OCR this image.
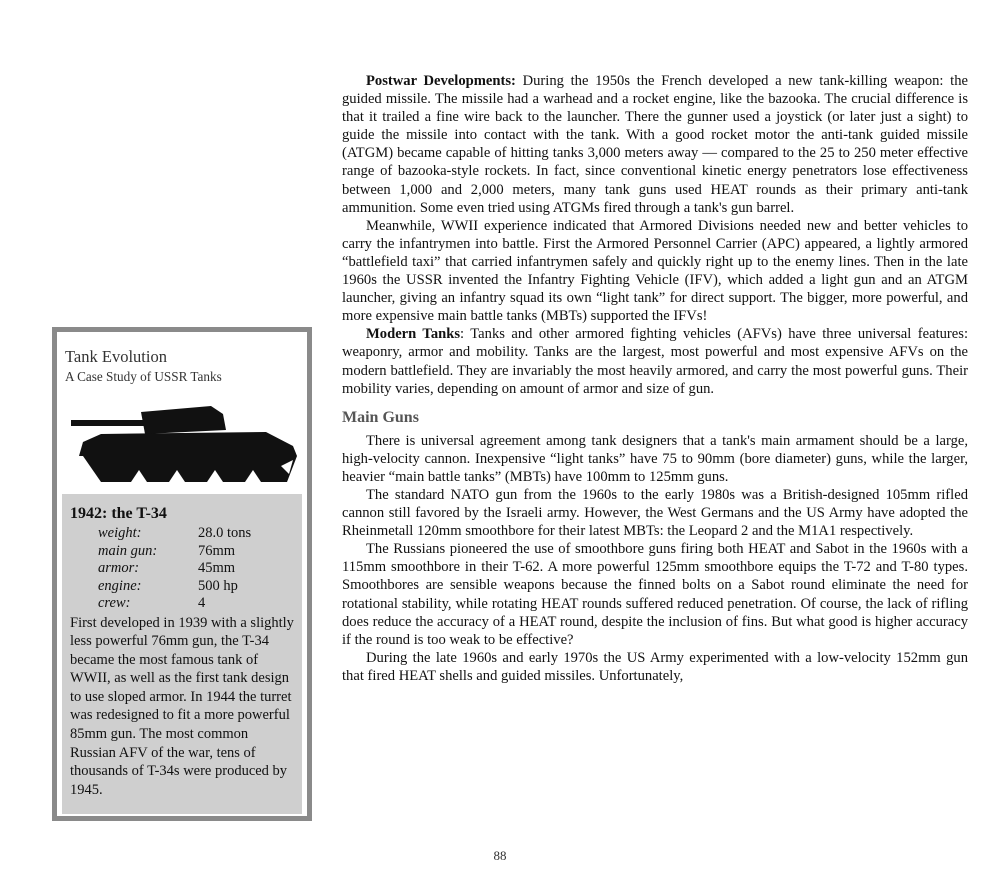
Tank Evolution
A Case Study of USSR Tanks
1942: the T-34
weight:	28.0 tons
main gun:	76mm
armor:	45mm
engine:	500 hp
crew:	4
First developed in 1939 with a slightly less powerful 76mm gun, the T-34 became the most famous tank of WWII, as well as the first tank design to use sloped armor. In 1944 the turret was redesigned to fit a more powerful 85mm gun. The most common Russian AFV of the war, tens of thousands of T-34s were produced by 1945.

Postwar Developments: During the 1950s the French developed a new tank-killing weapon: the guided missile. The missile had a warhead and a rocket engine, like the bazooka. The crucial difference is that it trailed a fine wire back to the launcher. There the gunner used a joystick (or later just a sight) to guide the missile into contact with the tank. With a good rocket motor the anti-tank guided missile (ATGM) became capable of hitting tanks 3,000 meters away — compared to the 25 to 250 meter effective range of bazooka-style rockets. In fact, since conventional kinetic energy penetrators lose effectiveness between 1,000 and 2,000 meters, many tank guns used HEAT rounds as their primary anti-tank ammunition. Some even tried using ATGMs fired through a tank's gun barrel.

Meanwhile, WWII experience indicated that Armored Divisions needed new and better vehicles to carry the infantrymen into battle. First the Armored Personnel Carrier (APC) appeared, a lightly armored “battlefield taxi” that carried infantrymen safely and quickly right up to the enemy lines. Then in the late 1960s the USSR invented the Infantry Fighting Vehicle (IFV), which added a light gun and an ATGM launcher, giving an infantry squad its own “light tank” for direct support. The bigger, more powerful, and more expensive main battle tanks (MBTs) supported the IFVs!

Modern Tanks: Tanks and other armored fighting vehicles (AFVs) have three universal features: weaponry, armor and mobility. Tanks are the largest, most powerful and most expensive AFVs on the modern battlefield. They are invariably the most heavily armored, and carry the most powerful guns. Their mobility varies, depending on amount of armor and size of gun.

Main Guns

There is universal agreement among tank designers that a tank's main armament should be a large, high-velocity cannon. Inexpensive “light tanks” have 75 to 90mm (bore diameter) guns, while the larger, heavier “main battle tanks” (MBTs) have 100mm to 125mm guns.

The standard NATO gun from the 1960s to the early 1980s was a British-designed 105mm rifled cannon still favored by the Israeli army. However, the West Germans and the US Army have adopted the Rheinmetall 120mm smoothbore for their latest MBTs: the Leopard 2 and the M1A1 respectively.

The Russians pioneered the use of smoothbore guns firing both HEAT and Sabot in the 1960s with a 115mm smoothbore in their T-62. A more powerful 125mm smoothbore equips the T-72 and T-80 types. Smoothbores are sensible weapons because the finned bolts on a Sabot round eliminate the need for rotational stability, while rotating HEAT rounds suffered reduced penetration. Of course, the lack of rifling does reduce the accuracy of a HEAT round, despite the inclusion of fins. But what good is higher accuracy if the round is too weak to be effective?

During the late 1960s and early 1970s the US Army experimented with a low-velocity 152mm gun that fired HEAT shells and guided missiles. Unfortunately,

88
